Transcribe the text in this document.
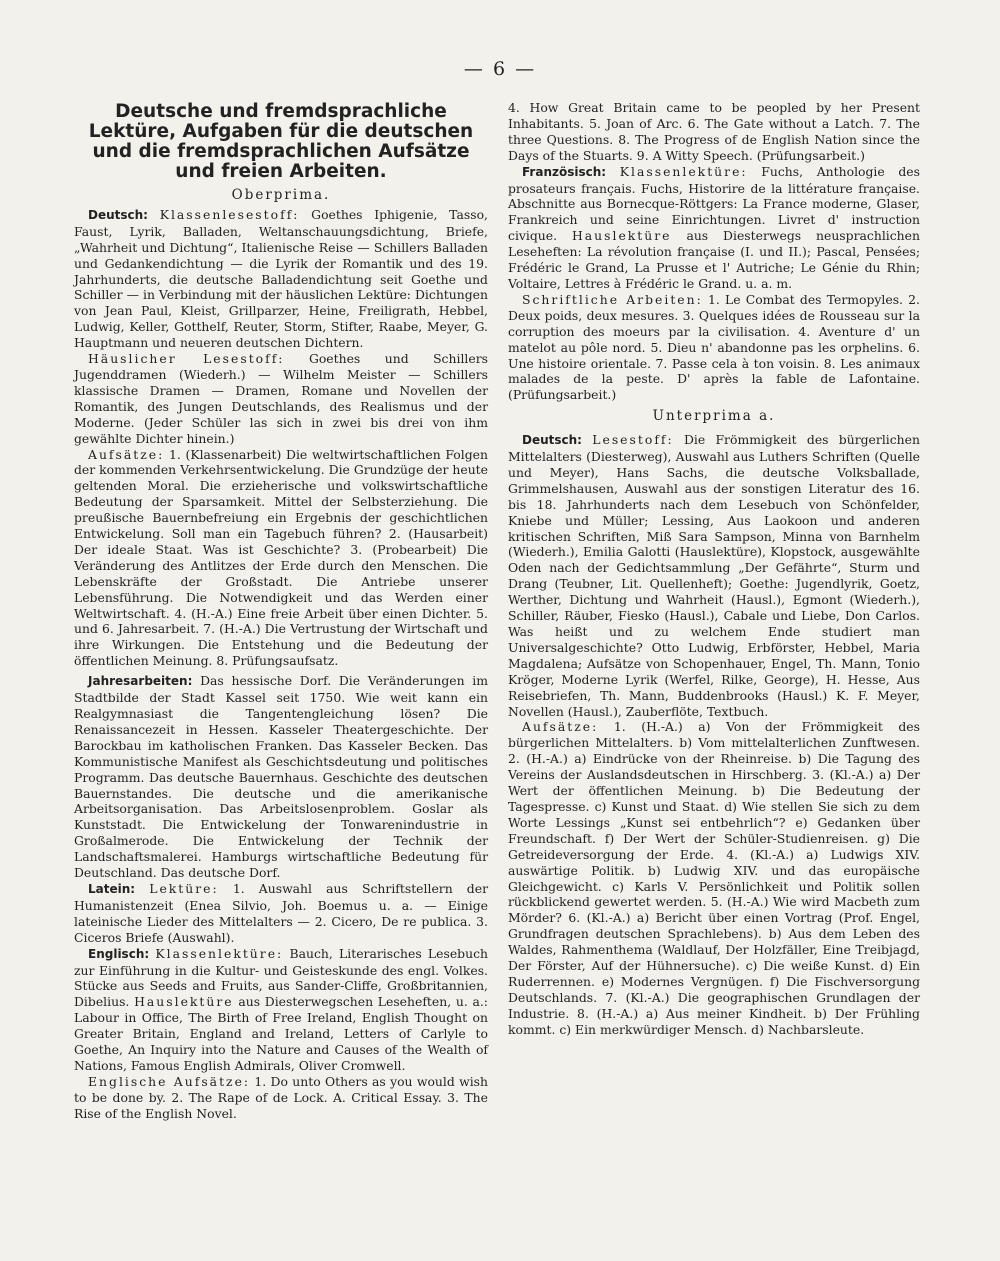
— 6 —
Deutsche und fremdsprachliche Lektüre, Aufgaben für die deutschen und die fremdsprachlichen Aufsätze und freien Arbeiten.
Oberprima.

Deutsch: Klassenlesestoff: Goethes Iphigenie, Tasso, Faust, Lyrik, Balladen, Weltanschauungsdichtung, Briefe, „Wahrheit und Dichtung“, Italienische Reise — Schillers Balladen und Gedankendichtung — die Lyrik der Romantik und des 19. Jahrhunderts, die deutsche Balladendichtung seit Goethe und Schiller — in Verbindung mit der häuslichen Lektüre: Dichtungen von Jean Paul, Kleist, Grillparzer, Heine, Freiligrath, Hebbel, Ludwig, Keller, Gotthelf, Reuter, Storm, Stifter, Raabe, Meyer, G. Hauptmann und neueren deutschen Dichtern.

Häuslicher Lesestoff: Goethes und Schillers Jugenddramen (Wiederh.) — Wilhelm Meister — Schillers klassische Dramen — Dramen, Romane und Novellen der Romantik, des Jungen Deutschlands, des Realismus und der Moderne. (Jeder Schüler las sich in zwei bis drei von ihm gewählte Dichter hinein.)

Aufsätze: 1. (Klassenarbeit) Die weltwirtschaftlichen Folgen der kommenden Verkehrsentwickelung. Die Grundzüge der heute geltenden Moral. Die erzieherische und volkswirtschaftliche Bedeutung der Sparsamkeit. Mittel der Selbsterziehung. Die preußische Bauernbefreiung ein Ergebnis der geschichtlichen Entwickelung. Soll man ein Tagebuch führen? 2. (Hausarbeit) Der ideale Staat. Was ist Geschichte? 3. (Probearbeit) Die Veränderung des Antlitzes der Erde durch den Menschen. Die Lebenskräfte der Großstadt. Die Antriebe unserer Lebensführung. Die Notwendigkeit und das Werden einer Weltwirtschaft. 4. (H.-A.) Eine freie Arbeit über einen Dichter. 5. und 6. Jahresarbeit. 7. (H.-A.) Die Vertrustung der Wirtschaft und ihre Wirkungen. Die Entstehung und die Bedeutung der öffentlichen Meinung. 8. Prüfungsaufsatz.

Jahresarbeiten: Das hessische Dorf. Die Veränderungen im Stadtbilde der Stadt Kassel seit 1750. Wie weit kann ein Realgymnasiast die Tangentengleichung lösen? Die Renaissancezeit in Hessen. Kasseler Theatergeschichte. Der Barockbau im katholischen Franken. Das Kasseler Becken. Das Kommunistische Manifest als Geschichtsdeutung und politisches Programm. Das deutsche Bauernhaus. Geschichte des deutschen Bauernstandes. Die deutsche und die amerikanische Arbeitsorganisation. Das Arbeitslosenproblem. Goslar als Kunststadt. Die Entwickelung der Tonwarenindustrie in Großalmerode. Die Entwickelung der Technik der Landschaftsmalerei. Hamburgs wirtschaftliche Bedeutung für Deutschland. Das deutsche Dorf.

Latein: Lektüre: 1. Auswahl aus Schriftstellern der Humanistenzeit (Enea Silvio, Joh. Boemus u. a. — Einige lateinische Lieder des Mittelalters — 2. Cicero, De re publica. 3. Ciceros Briefe (Auswahl).

Englisch: Klassenlektüre: Bauch, Literarisches Lesebuch zur Einführung in die Kultur- und Geisteskunde des engl. Volkes. Stücke aus Seeds and Fruits, aus Sander-Cliffe, Großbritannien, Dibelius. Hauslektüre aus Diesterwegschen Leseheften, u. a.: Labour in Office, The Birth of Free Ireland, English Thought on Greater Britain, England and Ireland, Letters of Carlyle to Goethe, An Inquiry into the Nature and Causes of the Wealth of Nations, Famous English Admirals, Oliver Cromwell.

Englische Aufsätze: 1. Do unto Others as you would wish to be done by. 2. The Rape of de Lock. A. Critical Essay. 3. The Rise of the English Novel.

4. How Great Britain came to be peopled by her Present Inhabitants. 5. Joan of Arc. 6. The Gate without a Latch. 7. The three Questions. 8. The Progress of de English Nation since the Days of the Stuarts. 9. A Witty Speech. (Prüfungsarbeit.)

Französisch: Klassenlektüre: Fuchs, Anthologie des prosateurs français. Fuchs, Historire de la littérature française. Abschnitte aus Bornecque-Röttgers: La France moderne, Glaser, Frankreich und seine Einrichtungen. Livret d' instruction civique. Hauslektüre aus Diesterwegs neusprachlichen Leseheften: La révolution française (I. und II.); Pascal, Pensées; Frédéric le Grand, La Prusse et l' Autriche; Le Génie du Rhin; Voltaire, Lettres à Frédéric le Grand. u. a. m.

Schriftliche Arbeiten: 1. Le Combat des Termopyles. 2. Deux poids, deux mesures. 3. Quelques idées de Rousseau sur la corruption des moeurs par la civilisation. 4. Aventure d' un matelot au pôle nord. 5. Dieu n' abandonne pas les orphelins. 6. Une histoire orientale. 7. Passe cela à ton voisin. 8. Les animaux malades de la peste. D' après la fable de Lafontaine. (Prüfungsarbeit.)

Unterprima a.

Deutsch: Lesestoff: Die Frömmigkeit des bürgerlichen Mittelalters (Diesterweg), Auswahl aus Luthers Schriften (Quelle und Meyer), Hans Sachs, die deutsche Volksballade, Grimmelshausen, Auswahl aus der sonstigen Literatur des 16. bis 18. Jahrhunderts nach dem Lesebuch von Schönfelder, Kniebe und Müller; Lessing, Aus Laokoon und anderen kritischen Schriften, Miß Sara Sampson, Minna von Barnhelm (Wiederh.), Emilia Galotti (Hauslektüre), Klopstock, ausgewählte Oden nach der Gedichtsammlung „Der Gefährte“, Sturm und Drang (Teubner, Lit. Quellenheft); Goethe: Jugendlyrik, Goetz, Werther, Dichtung und Wahrheit (Hausl.), Egmont (Wiederh.), Schiller, Räuber, Fiesko (Hausl.), Cabale und Liebe, Don Carlos. Was heißt und zu welchem Ende studiert man Universalgeschichte? Otto Ludwig, Erbförster, Hebbel, Maria Magdalena; Aufsätze von Schopenhauer, Engel, Th. Mann, Tonio Kröger, Moderne Lyrik (Werfel, Rilke, George), H. Hesse, Aus Reisebriefen, Th. Mann, Buddenbrooks (Hausl.) K. F. Meyer, Novellen (Hausl.), Zauberflöte, Textbuch.

Aufsätze: 1. (H.-A.) a) Von der Frömmigkeit des bürgerlichen Mittelalters. b) Vom mittelalterlichen Zunftwesen. 2. (H.-A.) a) Eindrücke von der Rheinreise. b) Die Tagung des Vereins der Auslandsdeutschen in Hirschberg. 3. (Kl.-A.) a) Der Wert der öffentlichen Meinung. b) Die Bedeutung der Tagespresse. c) Kunst und Staat. d) Wie stellen Sie sich zu dem Worte Lessings „Kunst sei entbehrlich“? e) Gedanken über Freundschaft. f) Der Wert der Schüler-Studienreisen. g) Die Getreideversorgung der Erde. 4. (Kl.-A.) a) Ludwigs XIV. auswärtige Politik. b) Ludwig XIV. und das europäische Gleichgewicht. c) Karls V. Persönlichkeit und Politik sollen rückblickend gewertet werden. 5. (H.-A.) Wie wird Macbeth zum Mörder? 6. (Kl.-A.) a) Bericht über einen Vortrag (Prof. Engel, Grundfragen deutschen Sprachlebens). b) Aus dem Leben des Waldes, Rahmenthema (Waldlauf, Der Holzfäller, Eine Treibjagd, Der Förster, Auf der Hühnersuche). c) Die weiße Kunst. d) Ein Ruderrennen. e) Modernes Vergnügen. f) Die Fischversorgung Deutschlands. 7. (Kl.-A.) Die geographischen Grundlagen der Industrie. 8. (H.-A.) a) Aus meiner Kindheit. b) Der Frühling kommt. c) Ein merkwürdiger Mensch. d) Nachbarsleute.
